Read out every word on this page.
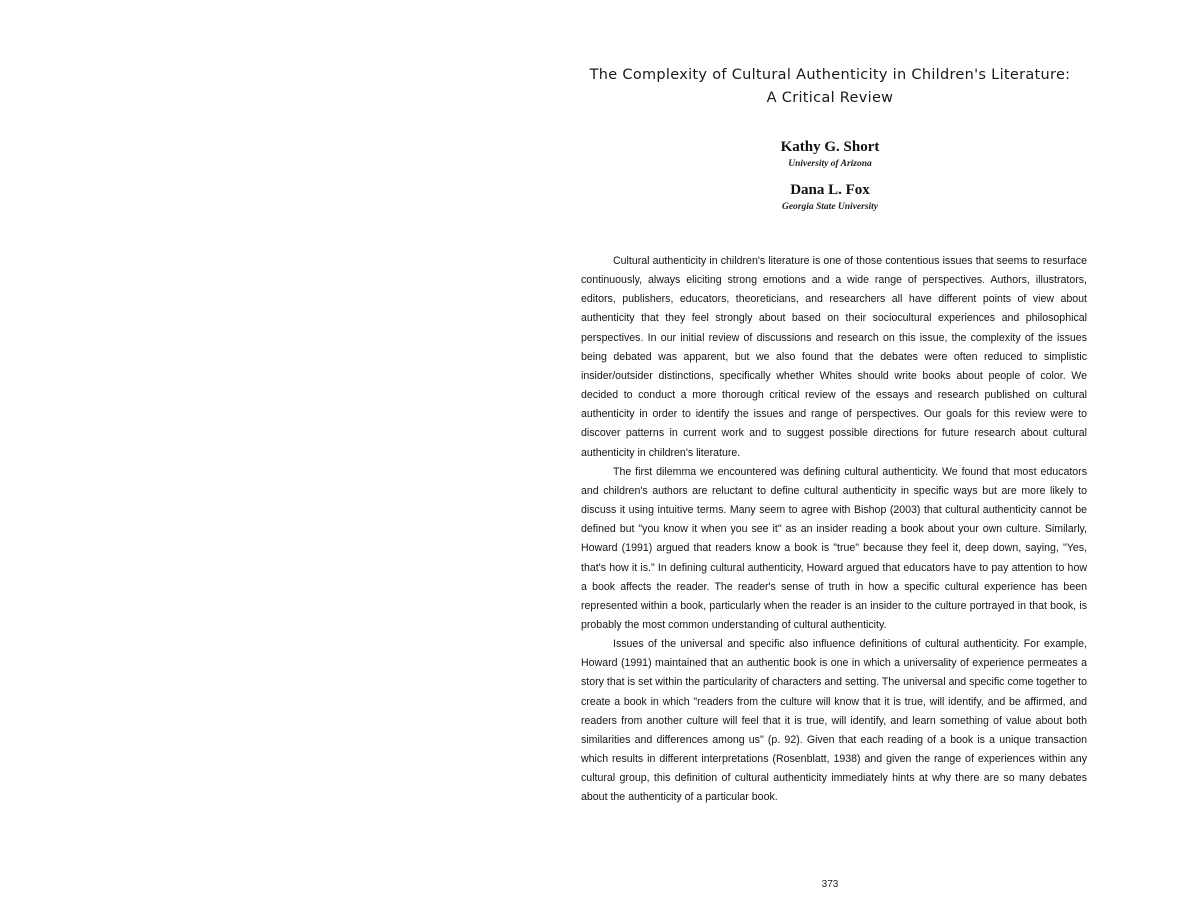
The Complexity of Cultural Authenticity in Children's Literature:
A Critical Review
Kathy G. Short
University of Arizona
Dana L. Fox
Georgia State University

Cultural authenticity in children's literature is one of those contentious issues that seems to resurface continuously, always eliciting strong emotions and a wide range of perspectives. Authors, illustrators, editors, publishers, educators, theoreticians, and researchers all have different points of view about authenticity that they feel strongly about based on their sociocultural experiences and philosophical perspectives. In our initial review of discussions and research on this issue, the complexity of the issues being debated was apparent, but we also found that the debates were often reduced to simplistic insider/outsider distinctions, specifically whether Whites should write books about people of color. We decided to conduct a more thorough critical review of the essays and research published on cultural authenticity in order to identify the issues and range of perspectives. Our goals for this review were to discover patterns in current work and to suggest possible directions for future research about cultural authenticity in children's literature.

The first dilemma we encountered was defining cultural authenticity. We found that most educators and children's authors are reluctant to define cultural authenticity in specific ways but are more likely to discuss it using intuitive terms. Many seem to agree with Bishop (2003) that cultural authenticity cannot be defined but "you know it when you see it" as an insider reading a book about your own culture. Similarly, Howard (1991) argued that readers know a book is "true" because they feel it, deep down, saying, "Yes, that's how it is." In defining cultural authenticity, Howard argued that educators have to pay attention to how a book affects the reader. The reader's sense of truth in how a specific cultural experience has been represented within a book, particularly when the reader is an insider to the culture portrayed in that book, is probably the most common understanding of cultural authenticity.

Issues of the universal and specific also influence definitions of cultural authenticity. For example, Howard (1991) maintained that an authentic book is one in which a universality of experience permeates a story that is set within the particularity of characters and setting. The universal and specific come together to create a book in which "readers from the culture will know that it is true, will identify, and be affirmed, and readers from another culture will feel that it is true, will identify, and learn something of value about both similarities and differences among us" (p. 92). Given that each reading of a book is a unique transaction which results in different interpretations (Rosenblatt, 1938) and given the range of experiences within any cultural group, this definition of cultural authenticity immediately hints at why there are so many debates about the authenticity of a particular book.

373
